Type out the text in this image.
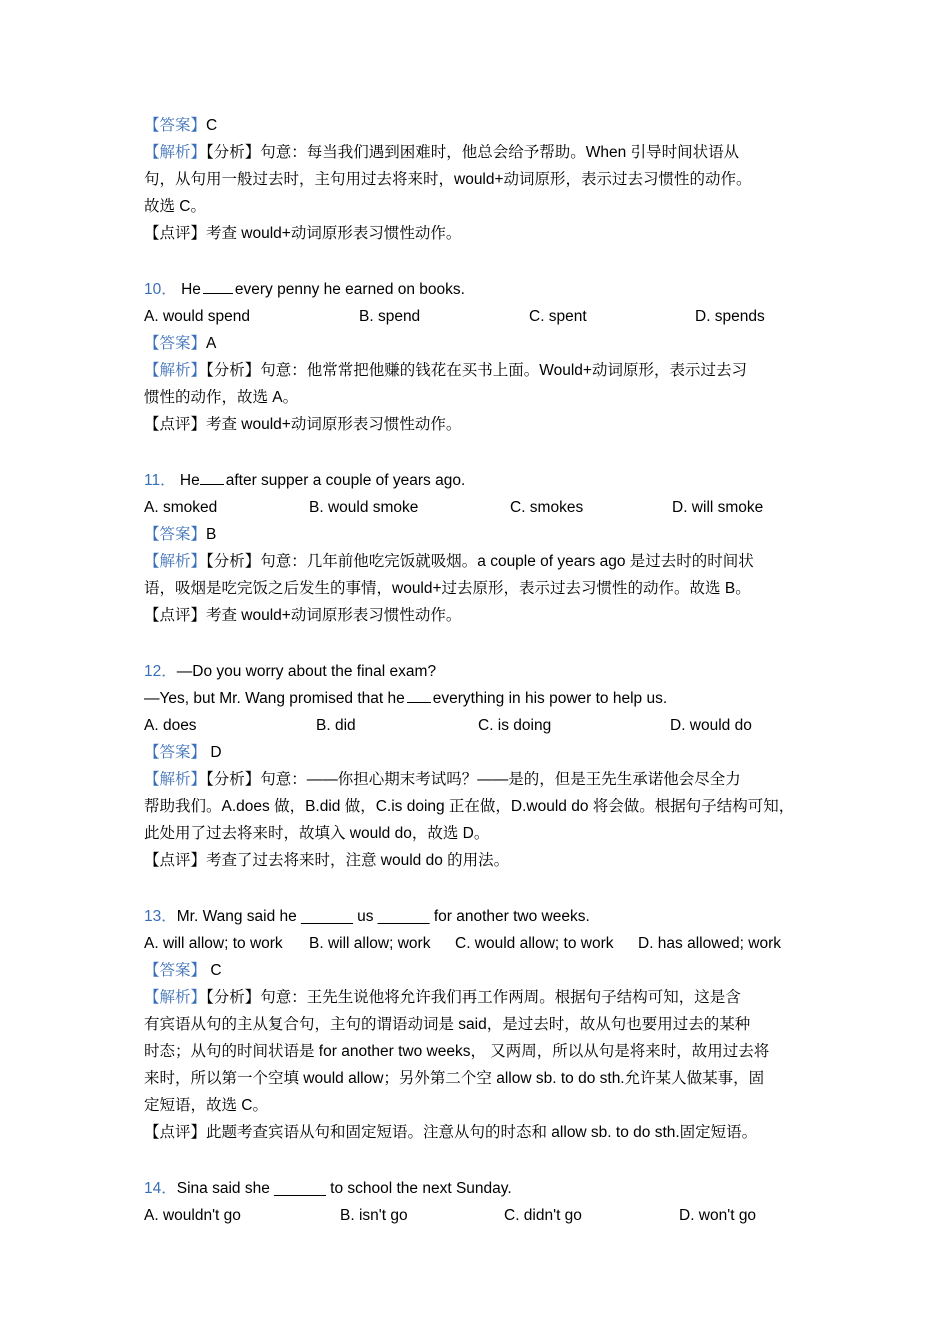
【答案】C
【解析】【分析】句意：每当我们遇到困难时，他总会给予帮助。When 引导时间状语从
句，从句用一般过去时，主句用过去将来时，would+动词原形，表示过去习惯性的动作。
故选 C。
【点评】考查 would+动词原形表习惯性动作。
10． He every penny he earned on books.
A. would spend	B. spend	C. spent	D. spends
【答案】A
【解析】【分析】句意：他常常把他赚的钱花在买书上面。Would+动词原形，表示过去习
惯性的动作，故选 A。
【点评】考查 would+动词原形表习惯性动作。
11． He after supper a couple of years ago.
A. smoked	B. would smoke	C. smokes	D. will smoke
【答案】B
【解析】【分析】句意：几年前他吃完饭就吸烟。a couple of years ago 是过去时的时间状
语，吸烟是吃完饭之后发生的事情，would+过去原形，表示过去习惯性的动作。故选 B。
【点评】考查 would+动词原形表习惯性动作。
12．—Do you worry about the final exam?
—Yes, but Mr. Wang promised that he everything in his power to help us.
A. does	B. did	C. is doing	D. would do
【答案】 D
【解析】【分析】句意：——你担心期末考试吗？——是的，但是王先生承诺他会尽全力
帮助我们。A.does 做，B.did 做，C.is doing 正在做，D.would do 将会做。根据句子结构可知，
此处用了过去将来时，故填入 would do，故选 D。
【点评】考查了过去将来时，注意 would do 的用法。
13．Mr. Wang said he ______ us ______ for another two weeks.
A. will allow; to work	B. will allow; work	C. would allow; to work	D. has allowed; work
【答案】 C
【解析】【分析】句意：王先生说他将允许我们再工作两周。根据句子结构可知，这是含
有宾语从句的主从复合句，主句的谓语动词是 said，是过去时，故从句也要用过去的某种
时态；从句的时间状语是 for another two weeks， 又两周，所以从句是将来时，故用过去将
来时，所以第一个空填 would allow；另外第二个空 allow sb. to do sth.允许某人做某事，固
定短语，故选 C。
【点评】此题考查宾语从句和固定短语。注意从句的时态和 allow sb. to do sth.固定短语。
14．Sina said she ______ to school the next Sunday.
A. wouldn't go	B. isn't go	C. didn't go	D. won't go
